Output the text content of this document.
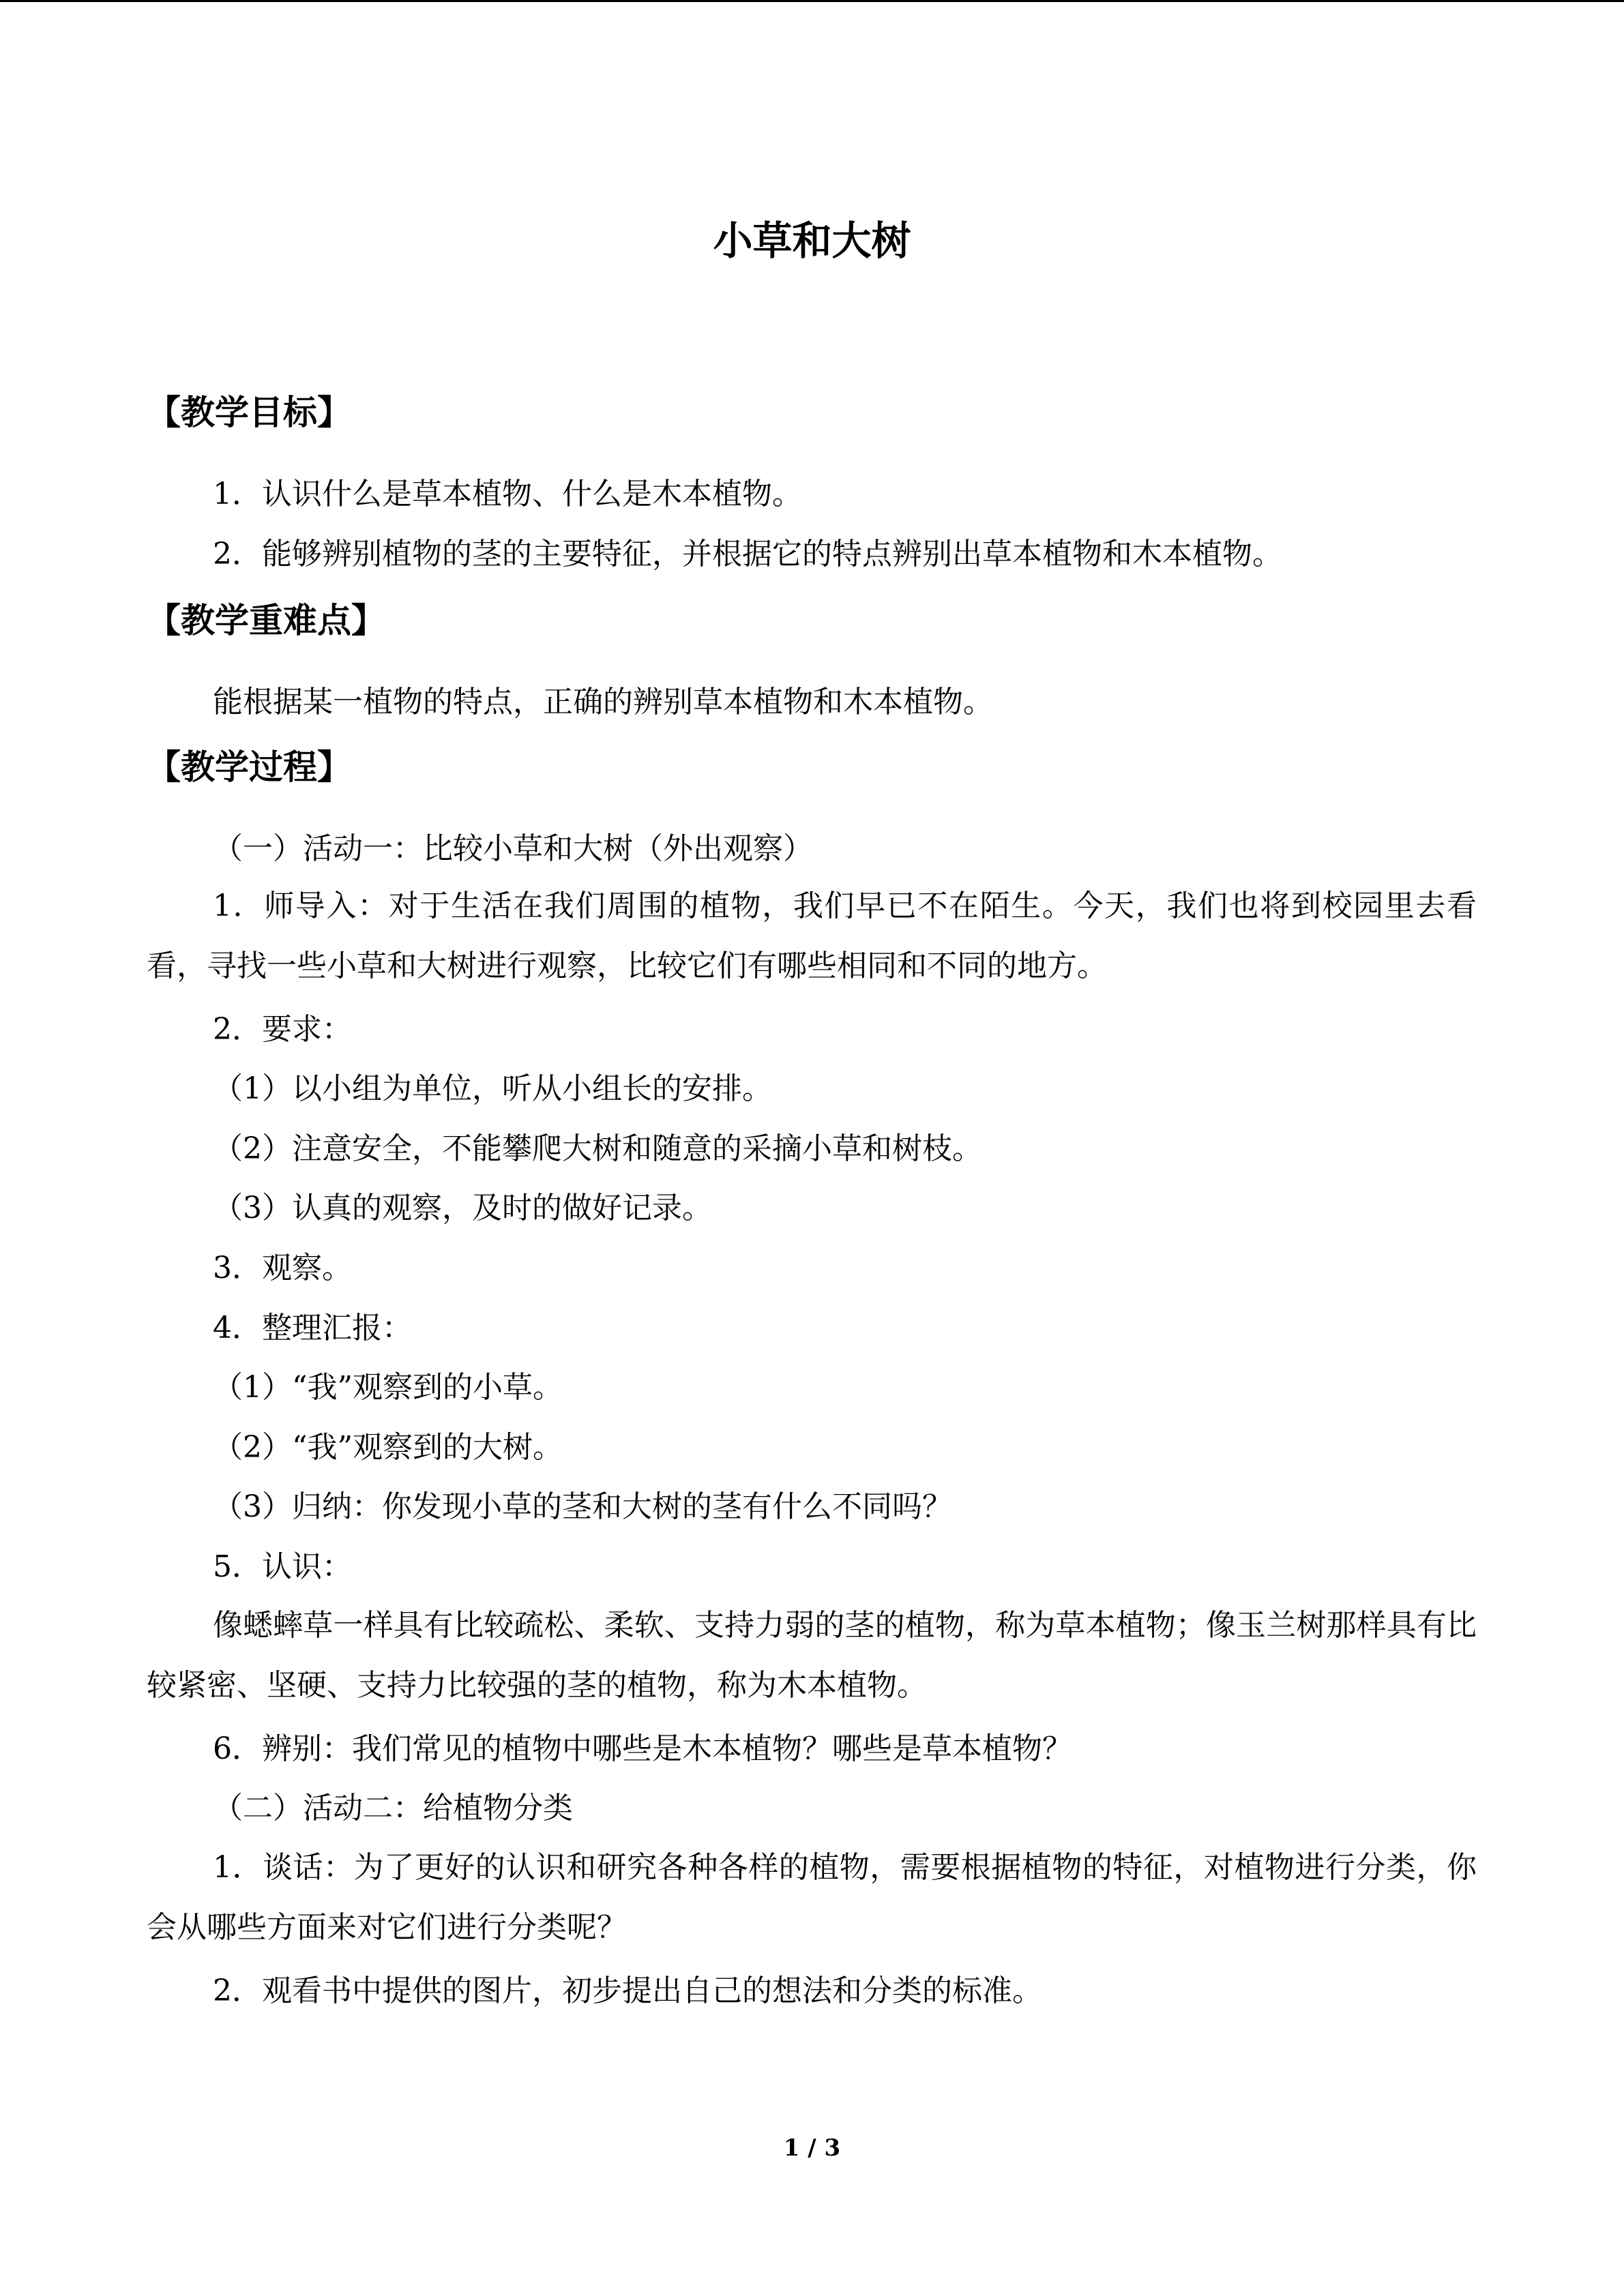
小草和大树
【教学目标】
1．认识什么是草本植物、什么是木本植物。
2．能够辨别植物的茎的主要特征，并根据它的特点辨别出草本植物和木本植物。
【教学重难点】
能根据某一植物的特点，正确的辨别草本植物和木本植物。
【教学过程】
（一）活动一：比较小草和大树（外出观察）
1．师导入：对于生活在我们周围的植物，我们早已不在陌生。今天，我们也将到校园里去看看，寻找一些小草和大树进行观察，比较它们有哪些相同和不同的地方。
2．要求：
（1）以小组为单位，听从小组长的安排。
（2）注意安全，不能攀爬大树和随意的采摘小草和树枝。
（3）认真的观察，及时的做好记录。
3．观察。
4．整理汇报：
（1）“我”观察到的小草。
（2）“我”观察到的大树。
（3）归纳：你发现小草的茎和大树的茎有什么不同吗？
5．认识：
像蟋蟀草一样具有比较疏松、柔软、支持力弱的茎的植物，称为草本植物；像玉兰树那样具有比较紧密、坚硬、支持力比较强的茎的植物，称为木本植物。
6．辨别：我们常见的植物中哪些是木本植物？哪些是草本植物？
（二）活动二：给植物分类
1．谈话：为了更好的认识和研究各种各样的植物，需要根据植物的特征，对植物进行分类，你会从哪些方面来对它们进行分类呢？
2．观看书中提供的图片，初步提出自己的想法和分类的标准。
1 / 3
